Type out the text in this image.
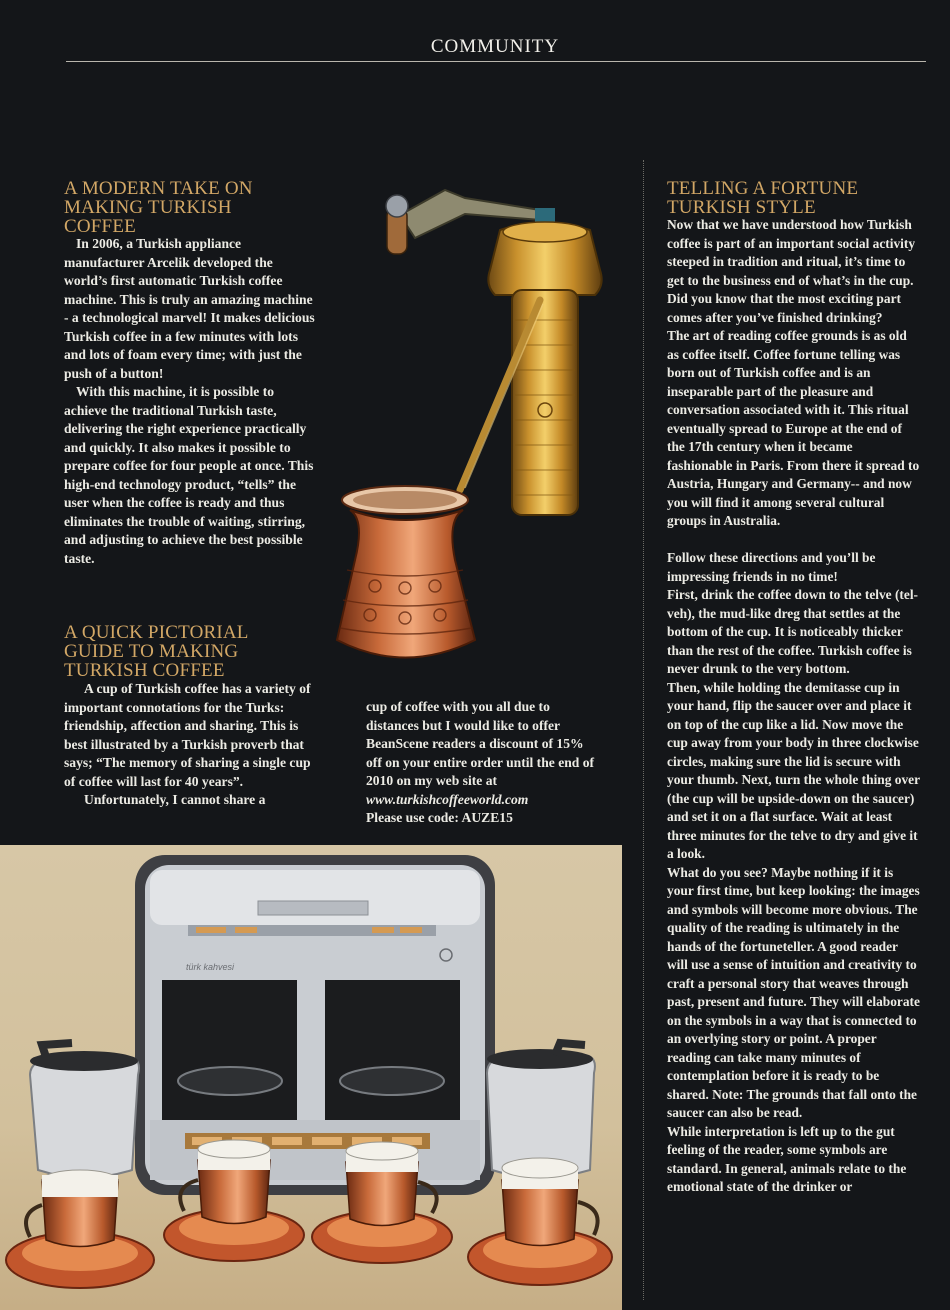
COMMUNITY
A MODERN TAKE ON
MAKING TURKISH
COFFEE

In 2006, a Turkish appliance manufacturer Arcelik developed the world’s first automatic Turkish coffee machine. This is truly an amazing machine - a technological marvel! It makes delicious Turkish coffee in a few minutes with lots and lots of foam every time; with just the push of a button!

With this machine, it is possible to achieve the traditional Turkish taste, delivering the right experience practically and quickly. It also makes it possible to prepare coffee for four people at once. This high-end technology product, “tells” the user when the coffee is ready and thus eliminates the trouble of waiting, stirring, and adjusting to achieve the best possible taste.

A QUICK PICTORIAL
GUIDE TO MAKING
TURKISH COFFEE

A cup of Turkish coffee has a variety of important connotations for the Turks: friendship, affection and sharing. This is best illustrated by a Turkish proverb that says; “The memory of sharing a single cup of coffee will last for 40 years”.

Unfortunately, I cannot share a

cup of coffee with you all due to distances but I would like to offer BeanScene readers a discount of 15% off on your entire order until the end of 2010 on my web site at

www.turkishcoffeeworld.com

Please use code: AUZE15

TELLING A FORTUNE
TURKISH STYLE

Now that we have understood how Turkish coffee is part of an important social activity steeped in tradition and ritual, it’s time to get to the business end of what’s in the cup. Did you know that the most exciting part comes after you’ve finished drinking?

The art of reading coffee grounds is as old as coffee itself. Coffee fortune telling was born out of Turkish coffee and is an inseparable part of the pleasure and conversation associated with it. This ritual eventually spread to Europe at the end of the 17th century when it became fashionable in Paris. From there it spread to Austria, Hungary and Germany-- and now you will find it among several cultural groups in Australia.

Follow these directions and you’ll be impressing friends in no time!

First, drink the coffee down to the telve (tel-veh), the mud-like dreg that settles at the bottom of the cup. It is noticeably thicker than the rest of the coffee. Turkish coffee is never drunk to the very bottom.

Then, while holding the demitasse cup in your hand, flip the saucer over and place it on top of the cup like a lid. Now move the cup away from your body in three clockwise circles, making sure the lid is secure with your thumb. Next, turn the whole thing over (the cup will be upside-down on the saucer) and set it on a flat surface. Wait at least three minutes for the telve to dry and give it a look.

What do you see? Maybe nothing if it is your first time, but keep looking: the images and symbols will become more obvious. The quality of the reading is ultimately in the hands of the fortuneteller. A good reader will use a sense of intuition and creativity to craft a personal story that weaves through past, present and future. They will elaborate on the symbols in a way that is connected to an overlying story or point. A proper reading can take many minutes of contemplation before it is ready to be shared. Note: The grounds that fall onto the saucer can also be read.

While interpretation is left up to the gut feeling of the reader, some symbols are standard. In general, animals relate to the emotional state of the drinker or

türk kahvesi
